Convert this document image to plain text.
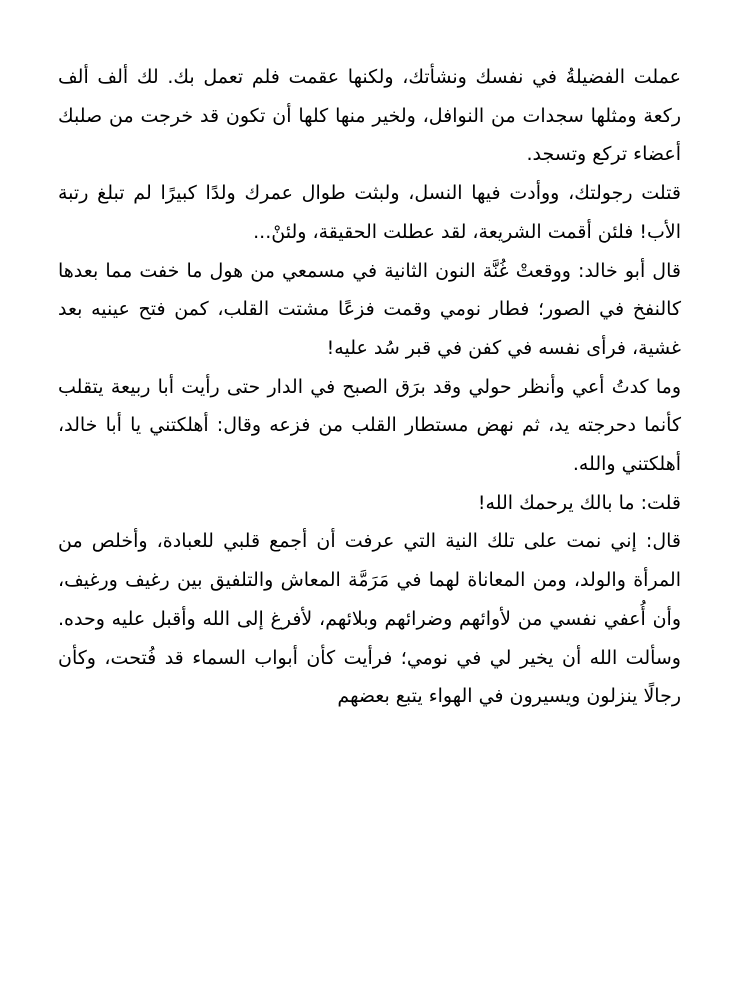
عملت الفضيلةُ في نفسك ونشأتك، ولكنها عقمت فلم تعمل بك. لك ألف ألف ركعة ومثلها سجدات من النوافل، ولخير منها كلها أن تكون قد خرجت من صلبك أعضاء تركع وتسجد.

قتلت رجولتك، ووأدت فيها النسل، ولبثت طوال عمرك ولدًا كبيرًا لم تبلغ رتبة الأب! فلئن أقمت الشريعة، لقد عطلت الحقيقة، ولئنْ...

قال أبو خالد: ووقعتْ غُنَّة النون الثانية في مسمعي من هول ما خفت مما بعدها كالنفخ في الصور؛ فطار نومي وقمت فزعًا مشتت القلب، كمن فتح عينيه بعد غشية، فرأى نفسه في كفن في قبر سُد عليه!

وما كدتُ أعي وأنظر حولي وقد برَق الصبح في الدار حتى رأيت أبا ربيعة يتقلب كأنما دحرجته يد، ثم نهض مستطار القلب من فزعه وقال: أهلكتني يا أبا خالد، أهلكتني والله.

قلت: ما بالك يرحمك الله!

قال: إني نمت على تلك النية التي عرفت أن أجمع قلبي للعبادة، وأخلص من المرأة والولد، ومن المعاناة لهما في مَرَمَّة المعاش والتلفيق بين رغيف ورغيف، وأن أُعفي نفسي من لأوائهم وضرائهم وبلائهم، لأفرغ إلى الله وأقبل عليه وحده. وسألت الله أن يخير لي في نومي؛ فرأيت كأن أبواب السماء قد فُتحت، وكأن رجالًا ينزلون ويسيرون في الهواء يتبع بعضهم
